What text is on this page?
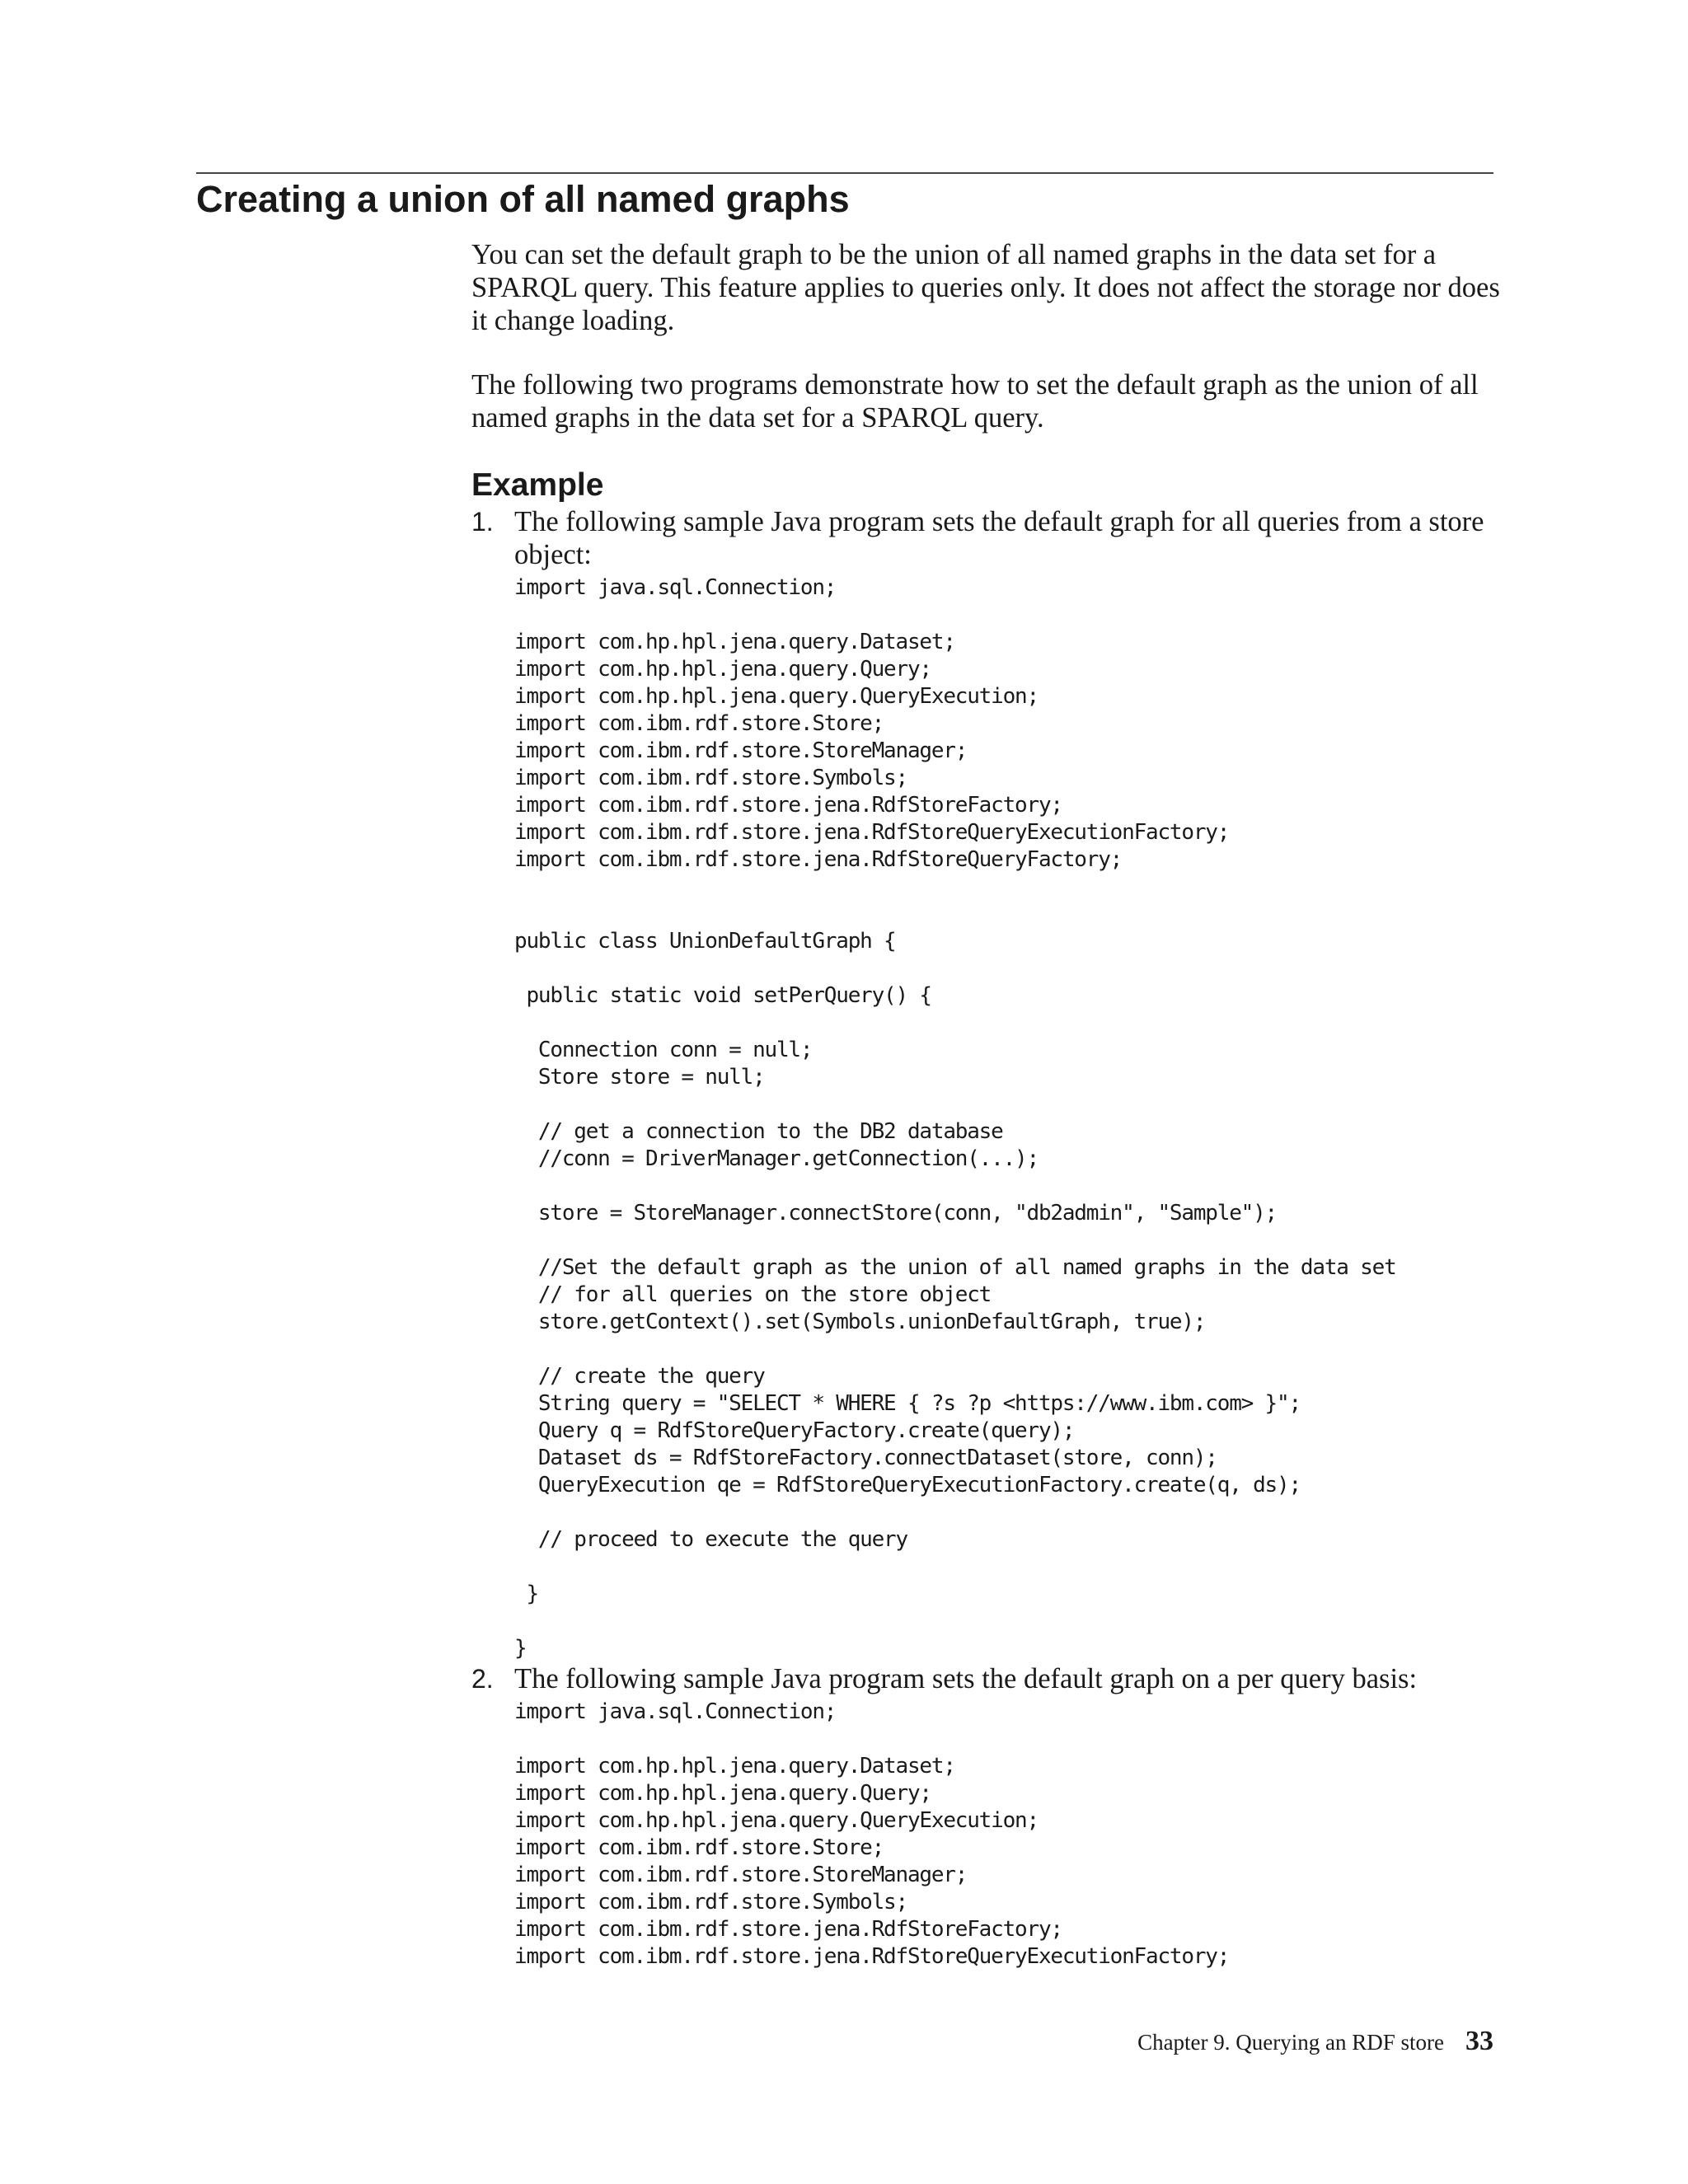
Creating a union of all named graphs

You can set the default graph to be the union of all named graphs in the data set for a SPARQL query. This feature applies to queries only. It does not affect the storage nor does it change loading.

The following two programs demonstrate how to set the default graph as the union of all named graphs in the data set for a SPARQL query.

Example
1. The following sample Java program sets the default graph for all queries from a store object:

import java.sql.Connection;

import com.hp.hpl.jena.query.Dataset;
import com.hp.hpl.jena.query.Query;
import com.hp.hpl.jena.query.QueryExecution;
import com.ibm.rdf.store.Store;
import com.ibm.rdf.store.StoreManager;
import com.ibm.rdf.store.Symbols;
import com.ibm.rdf.store.jena.RdfStoreFactory;
import com.ibm.rdf.store.jena.RdfStoreQueryExecutionFactory;
import com.ibm.rdf.store.jena.RdfStoreQueryFactory;

public class UnionDefaultGraph {

public static void setPerQuery() {

Connection conn = null;
Store store = null;

// get a connection to the DB2 database
//conn = DriverManager.getConnection(...);

store = StoreManager.connectStore(conn, "db2admin", "Sample");

//Set the default graph as the union of all named graphs in the data set
// for all queries on the store object
store.getContext().set(Symbols.unionDefaultGraph, true);

// create the query
String query = "SELECT * WHERE { ?s ?p <https://www.ibm.com> }";
Query q = RdfStoreQueryFactory.create(query);
Dataset ds = RdfStoreFactory.connectDataset(store, conn);
QueryExecution qe = RdfStoreQueryExecutionFactory.create(q, ds);

// proceed to execute the query

}

}
2. The following sample Java program sets the default graph on a per query basis:

import java.sql.Connection;

import com.hp.hpl.jena.query.Dataset;
import com.hp.hpl.jena.query.Query;
import com.hp.hpl.jena.query.QueryExecution;
import com.ibm.rdf.store.Store;
import com.ibm.rdf.store.StoreManager;
import com.ibm.rdf.store.Symbols;
import com.ibm.rdf.store.jena.RdfStoreFactory;
import com.ibm.rdf.store.jena.RdfStoreQueryExecutionFactory;
Chapter 9. Querying an RDF store 33
